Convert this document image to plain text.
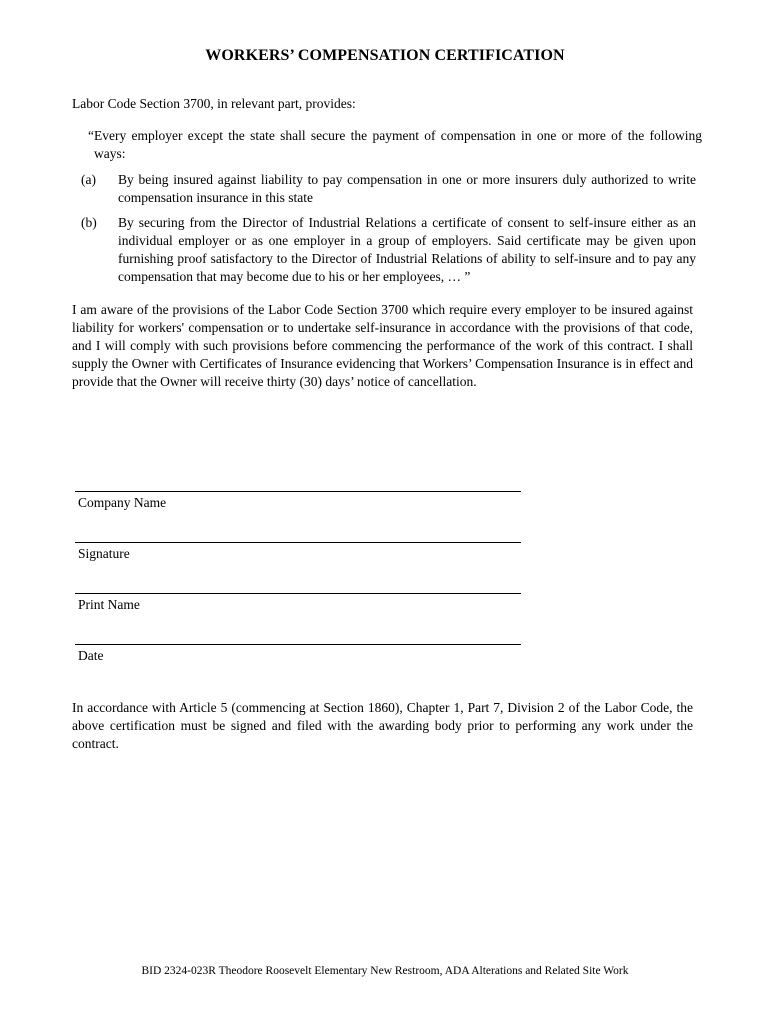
WORKERS’ COMPENSATION CERTIFICATION
Labor Code Section 3700, in relevant part, provides:
“Every employer except the state shall secure the payment of compensation in one or more of the following ways:
(a)	By being insured against liability to pay compensation in one or more insurers duly authorized to write compensation insurance in this state
(b)	By securing from the Director of Industrial Relations a certificate of consent to self-insure either as an individual employer or as one employer in a group of employers. Said certificate may be given upon furnishing proof satisfactory to the Director of Industrial Relations of ability to self-insure and to pay any compensation that may become due to his or her employees, … ”
I am aware of the provisions of the Labor Code Section 3700 which require every employer to be insured against liability for workers' compensation or to undertake self-insurance in accordance with the provisions of that code, and I will comply with such provisions before commencing the performance of the work of this contract. I shall supply the Owner with Certificates of Insurance evidencing that Workers’ Compensation Insurance is in effect and provide that the Owner will receive thirty (30) days’ notice of cancellation.
Company Name
Signature
Print Name
Date
In accordance with Article 5 (commencing at Section 1860), Chapter 1, Part 7, Division 2 of the Labor Code, the above certification must be signed and filed with the awarding body prior to performing any work under the contract.
BID 2324-023R Theodore Roosevelt Elementary New Restroom, ADA Alterations and Related Site Work
